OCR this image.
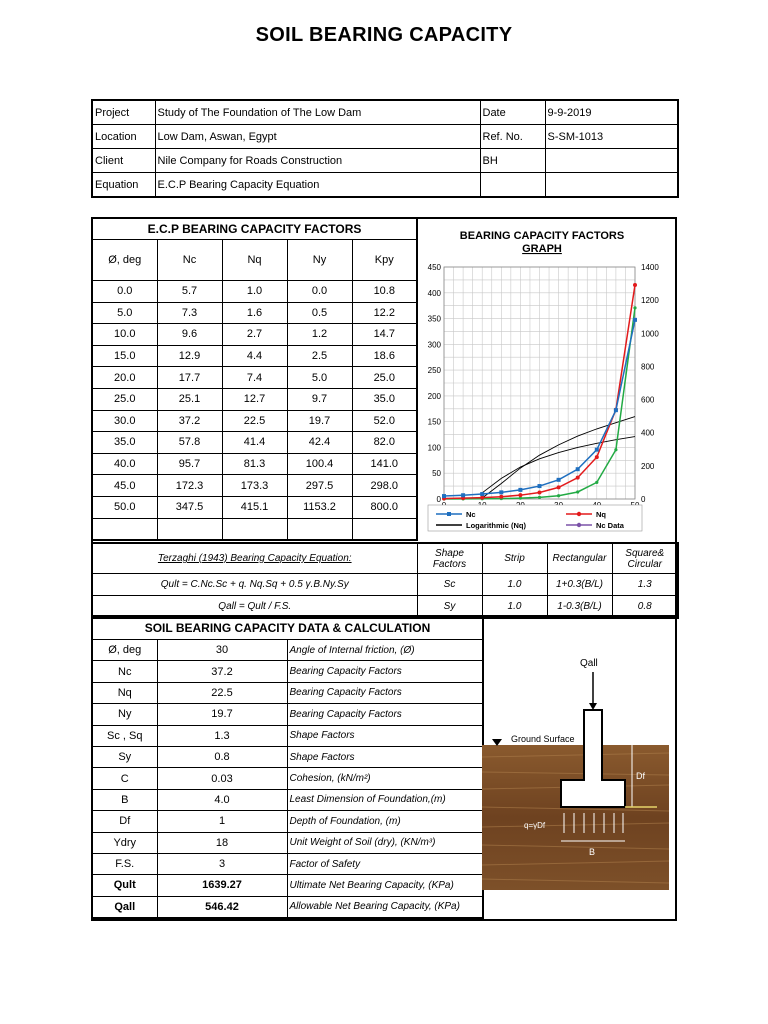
SOIL BEARING CAPACITY
Project	Study of The Foundation of The Low Dam	Date	9-9-2019
Location	Low Dam, Aswan, Egypt	Ref. No.	S-SM-1013
Client	Nile Company for Roads Construction	BH	
Equation	E.C.P Bearing Capacity Equation		
E.C.P BEARING CAPACITY FACTORS				
Ø, deg	Nc	Nq	Ny	Kpy
0.0	5.7	1.0	0.0	10.8
5.0	7.3	1.6	0.5	12.2
10.0	9.6	2.7	1.2	14.7
15.0	12.9	4.4	2.5	18.6
20.0	17.7	7.4	5.0	25.0
25.0	25.1	12.7	9.7	35.0
30.0	37.2	22.5	19.7	52.0
35.0	57.8	41.4	42.4	82.0
40.0	95.7	81.3	100.4	141.0
45.0	172.3	173.3	297.5	298.0
50.0	347.5	415.1	1153.2	800.0

BEARING CAPACITY FACTORS
GRAPH
0
50
100
150
200
250
300
350
400
450
0
200
400
600
800
1000
1200
1400
Nc	Nq
Logarithmic (Nq)	Nc Data
Terzaghi (1943) Bearing Capacity Equation:	Shape Factors	Strip	Rectangular	Square& Circular
Qult = C.Nc.Sc + q. Nq.Sq + 0.5 γ.B.Ny.Sy	Sc	1.0	1+0.3(B/L)	1.3
Qall = Qult / F.S.	Sy	1.0	1-0.3(B/L)	0.8
SOIL BEARING CAPACITY DATA & CALCULATION		
Ø, deg	30	Angle of Internal friction, (Ø)
Nc	37.2	Bearing Capacity Factors
Nq	22.5	Bearing Capacity Factors
Ny	19.7	Bearing Capacity Factors
Sc , Sq	1.3	Shape Factors
Sy	0.8	Shape Factors
C	0.03	Cohesion, (kN/m²)
B	4.0	Least Dimension of Foundation,(m)
Df	1	Depth of Foundation, (m)
Ydry	18	Unit Weight of Soil (dry), (KN/m³)
F.S.	3	Factor of Safety
Qult	1639.27	Ultimate Net Bearing Capacity, (KPa)
Qall	546.42	Allowable Net Bearing Capacity, (KPa)
Ground Surface
Qall
Df
q=γDf
B
